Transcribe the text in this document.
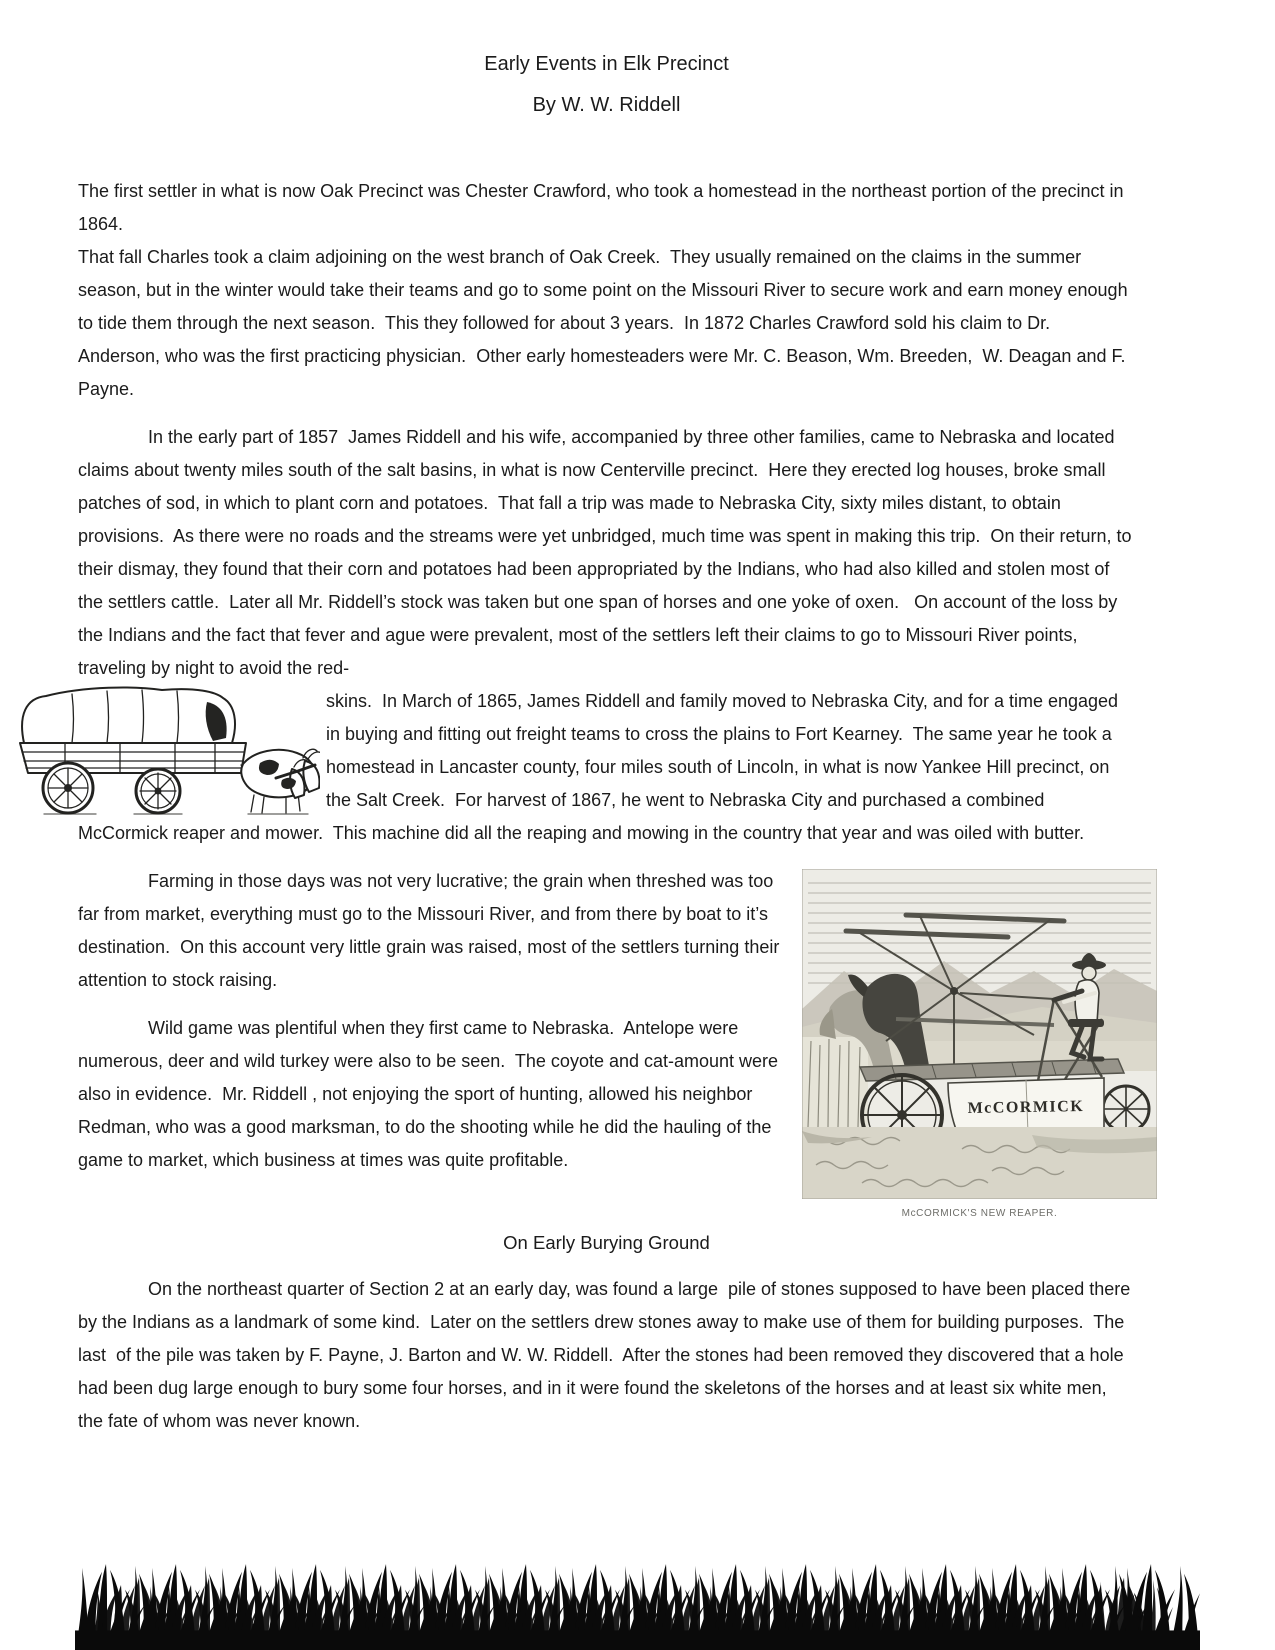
Early Events in Elk Precinct
By W. W. Riddell

The first settler in what is now Oak Precinct was Chester Crawford, who took a homestead in the northeast portion of the precinct in 1864.

That fall Charles took a claim adjoining on the west branch of Oak Creek.  They usually remained on the claims in the summer season, but in the winter would take their teams and go to some point on the Missouri River to secure work and earn money enough to tide them through the next season.  This they followed for about 3 years.  In 1872 Charles Crawford sold his claim to Dr. Anderson, who was the first practicing physician.  Other early homesteaders were Mr. C. Beason, Wm. Breeden,  W. Deagan and F. Payne.

In the early part of 1857  James Riddell and his wife, accompanied by three other families, came to Nebraska and located claims about twenty miles south of the salt basins, in what is now Centerville precinct.  Here they erected log houses, broke small patches of sod, in which to plant corn and potatoes.  That fall a trip was made to Nebraska City, sixty miles distant, to obtain provisions.  As there were no roads and the streams were yet unbridged, much time was spent in making this trip.  On their return, to their dismay, they found that their corn and potatoes had been appropriated by the Indians, who had also killed and stolen most of the settlers cattle.  Later all Mr. Riddell’s stock was taken but one span of horses and one yoke of oxen.   On account of the loss by the Indians and the fact that fever and ague were prevalent, most of the settlers left their claims to go to Missouri River points, traveling by night to avoid the red-

skins.  In March of 1865, James Riddell and family moved to Nebraska City, and for a time engaged in buying and fitting out freight teams to cross the plains to Fort Kearney.  The same year he took a homestead in Lancaster county, four miles south of Lincoln, in what is now Yankee Hill precinct, on the Salt Creek.  For harvest of 1867, he went to Nebraska City and purchased a combined McCormick reaper and mower.  This machine did all the reaping and mowing in the country that year and was oiled with butter.

McCORMICK
McCORMICK'S NEW REAPER.

Farming in those days was not very lucrative; the grain when threshed was too far from market, everything must go to the Missouri River, and from there by boat to it’s destination.  On this account very little grain was raised, most of the settlers turning their attention to stock raising.

Wild game was plentiful when they first came to Nebraska.  Antelope were numerous, deer and wild turkey were also to be seen.  The coyote and cat-amount were also in evidence.  Mr. Riddell , not enjoying the sport of hunting, allowed his neighbor Redman, who was a good marksman, to do the shooting while he did the hauling of the game to market, which business at times was quite profitable.

On Early Burying Ground

On the northeast quarter of Section 2 at an early day, was found a large  pile of stones supposed to have been placed there by the Indians as a landmark of some kind.  Later on the settlers drew stones away to make use of them for building purposes.  The last  of the pile was taken by F. Payne, J. Barton and W. W. Riddell.  After the stones had been removed they discovered that a hole had been dug large enough to bury some four horses, and in it were found the skeletons of the horses and at least six white men, the fate of whom was never known.
